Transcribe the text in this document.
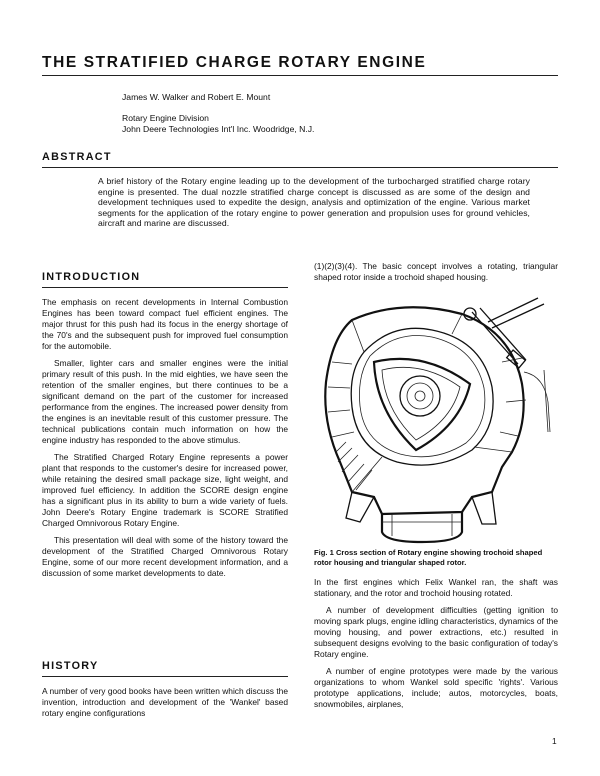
THE STRATIFIED CHARGE ROTARY ENGINE
James W. Walker and Robert E. Mount
Rotary Engine Division
John Deere Technologies Int'l Inc. Woodridge, N.J.
ABSTRACT
A brief history of the Rotary engine leading up to the development of the turbocharged stratified charge rotary engine is presented. The dual nozzle stratified charge concept is discussed as are some of the design and development techniques used to expedite the design, analysis and optimization of the engine. Various market segments for the application of the rotary engine to power generation and propulsion uses for ground vehicles, aircraft and marine are discussed.
INTRODUCTION

The emphasis on recent developments in Internal Combustion Engines has been toward compact fuel efficient engines. The major thrust for this push had its focus in the energy shortage of the 70's and the subsequent push for improved fuel consumption for the automobile.

Smaller, lighter cars and smaller engines were the initial primary result of this push. In the mid eighties, we have seen the retention of the smaller engines, but there continues to be a significant demand on the part of the customer for increased performance from the engines. The increased power density from the engines is an inevitable result of this customer pressure. The technical publications contain much information on how the engine industry has responded to the above stimulus.

The Stratified Charged Rotary Engine represents a power plant that responds to the customer's desire for increased power, while retaining the desired small package size, light weight, and improved fuel efficiency. In addition the SCORE design engine has a significant plus in its ability to burn a wide variety of fuels. John Deere's Rotary Engine trademark is SCORE Stratified Charged Omnivorous Rotary Engine.

This presentation will deal with some of the history toward the development of the Stratified Charged Omnivorous Rotary Engine, some of our more recent development information, and a discussion of some market developments to date.

HISTORY

A number of very good books have been written which discuss the invention, introduction and development of the 'Wankel' based rotary engine configurations

(1)(2)(3)(4). The basic concept involves a rotating, triangular shaped rotor inside a trochoid shaped housing.

Fig. 1 Cross section of Rotary engine showing trochoid shaped rotor housing and triangular shaped rotor.

In the first engines which Felix Wankel ran, the shaft was stationary, and the rotor and trochoid housing rotated.

A number of development difficulties (getting ignition to moving spark plugs, engine idling characteristics, dynamics of the moving housing, and power extractions, etc.) resulted in subsequent designs evolving to the basic configuration of today's Rotary engine.

A number of engine prototypes were made by the various organizations to whom Wankel sold specific 'rights'. Various prototype applications, include; autos, motorcycles, boats, snowmobiles, airplanes,

1
